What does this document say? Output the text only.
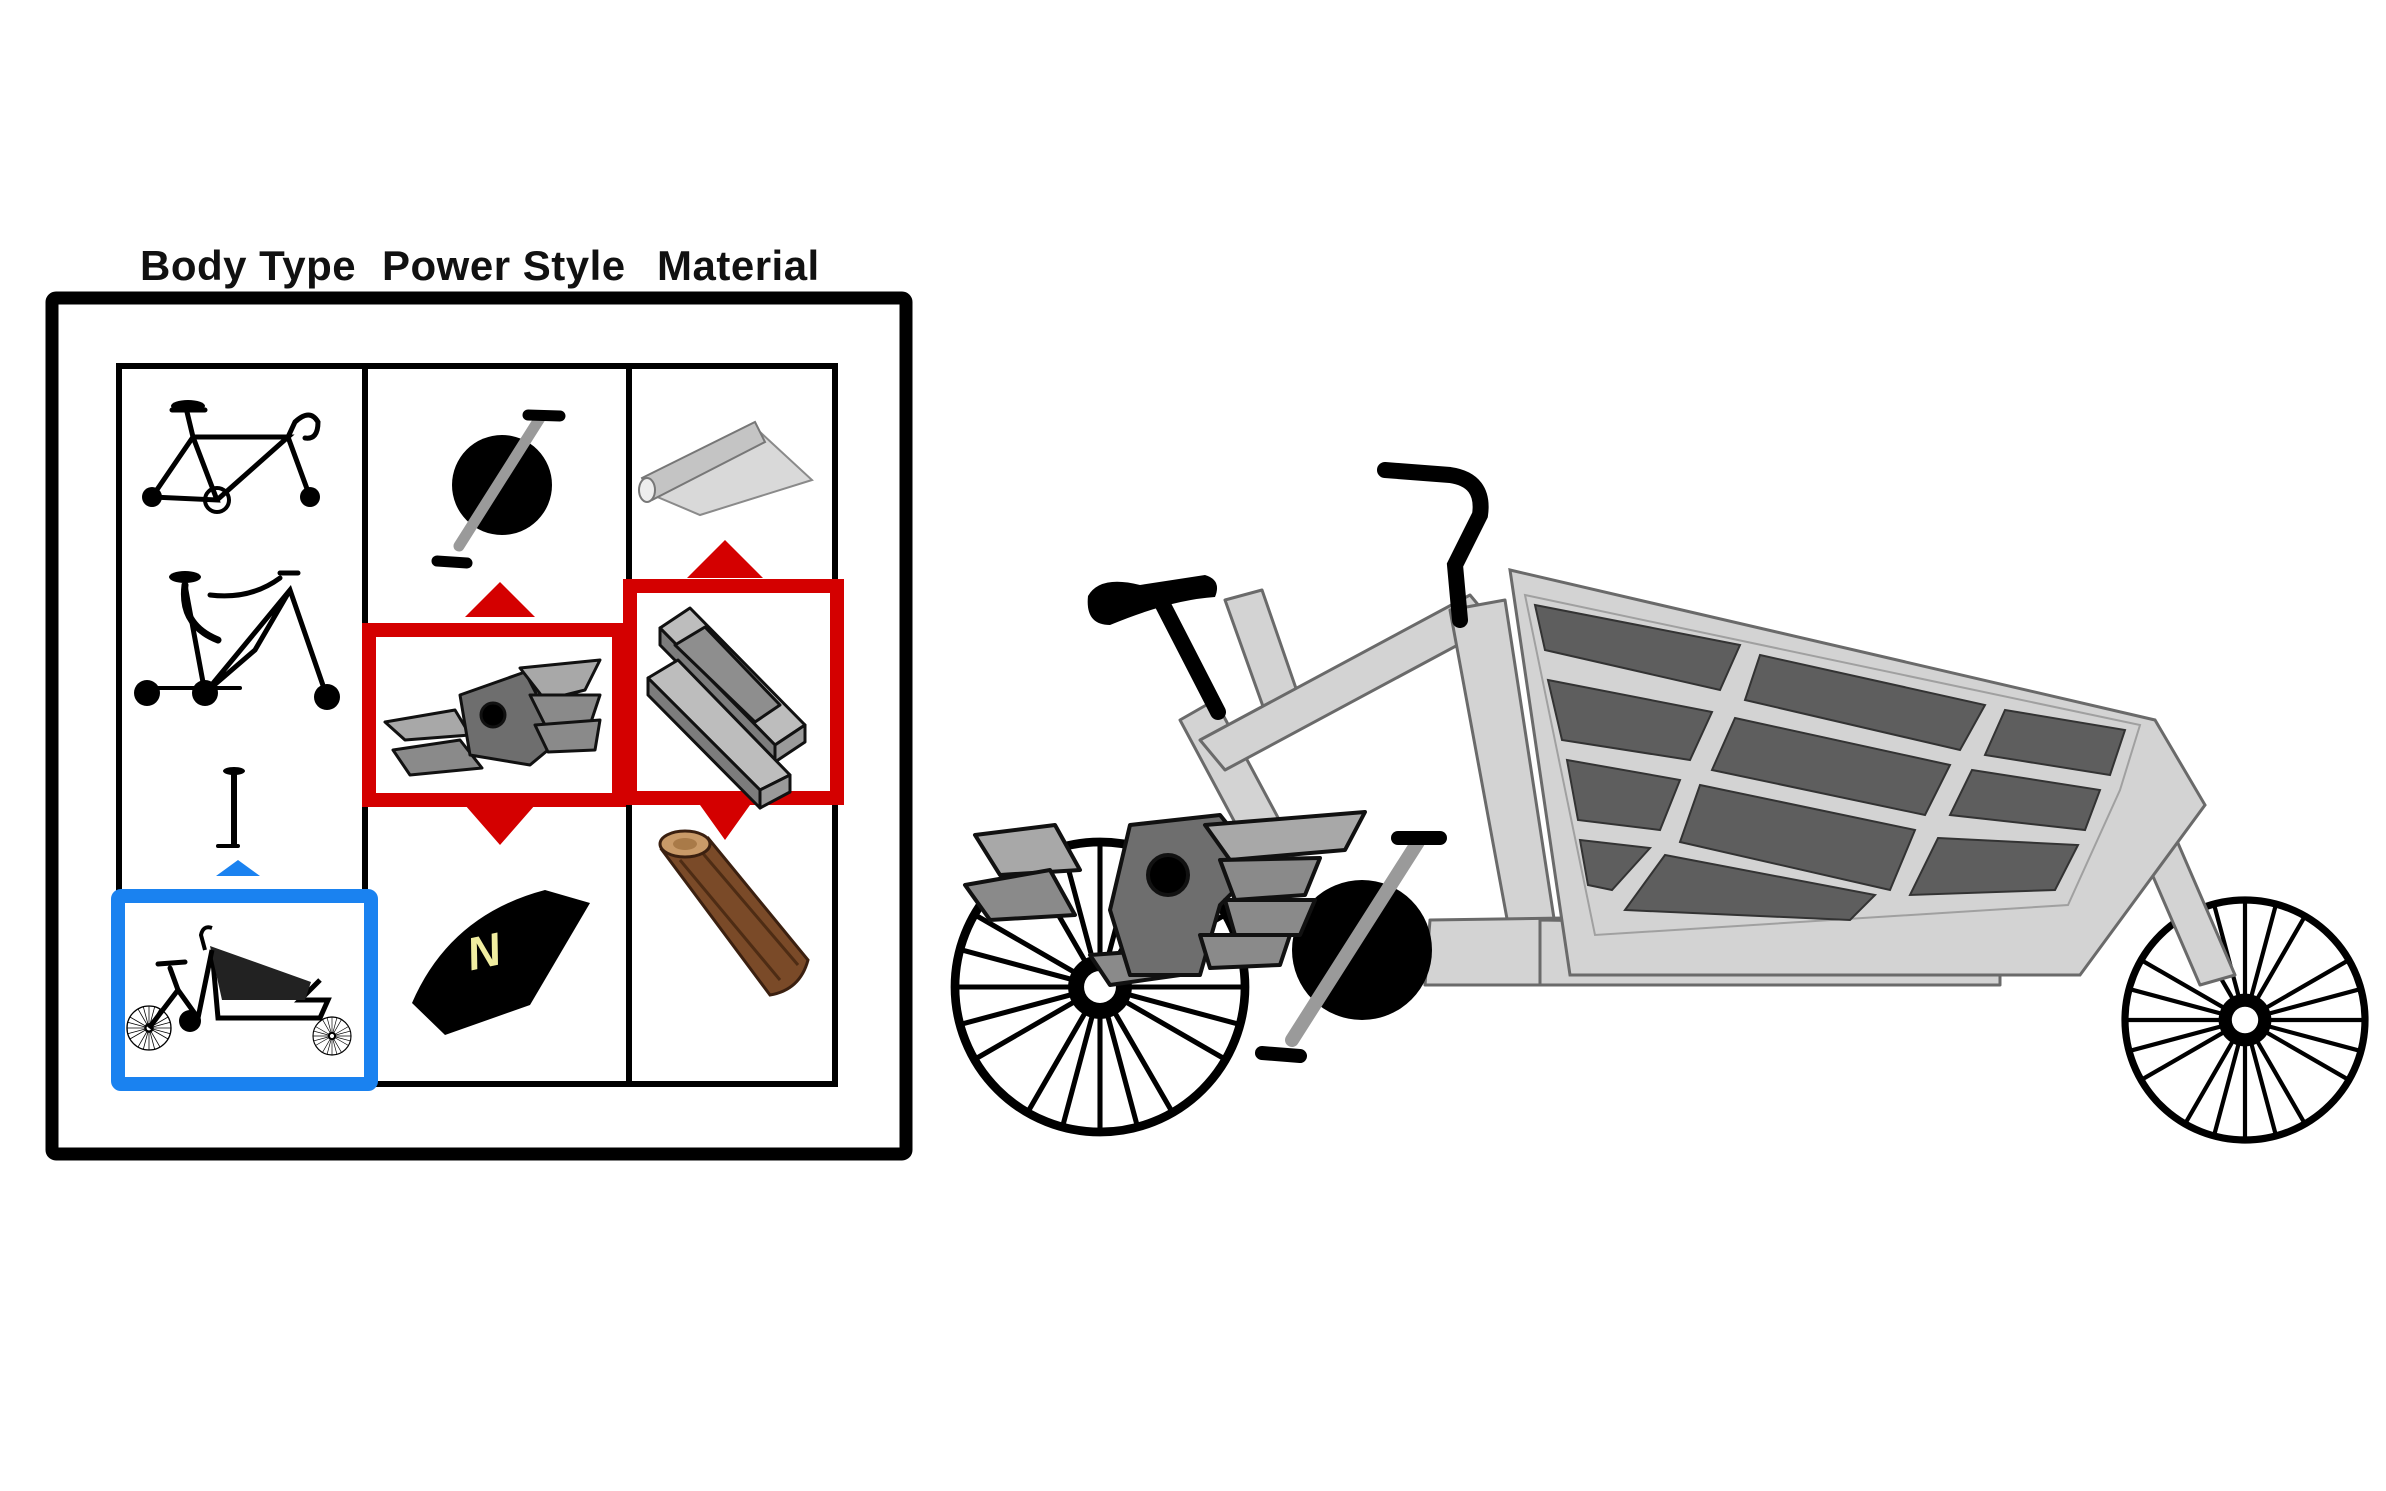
Body Type Power Style Material
N
